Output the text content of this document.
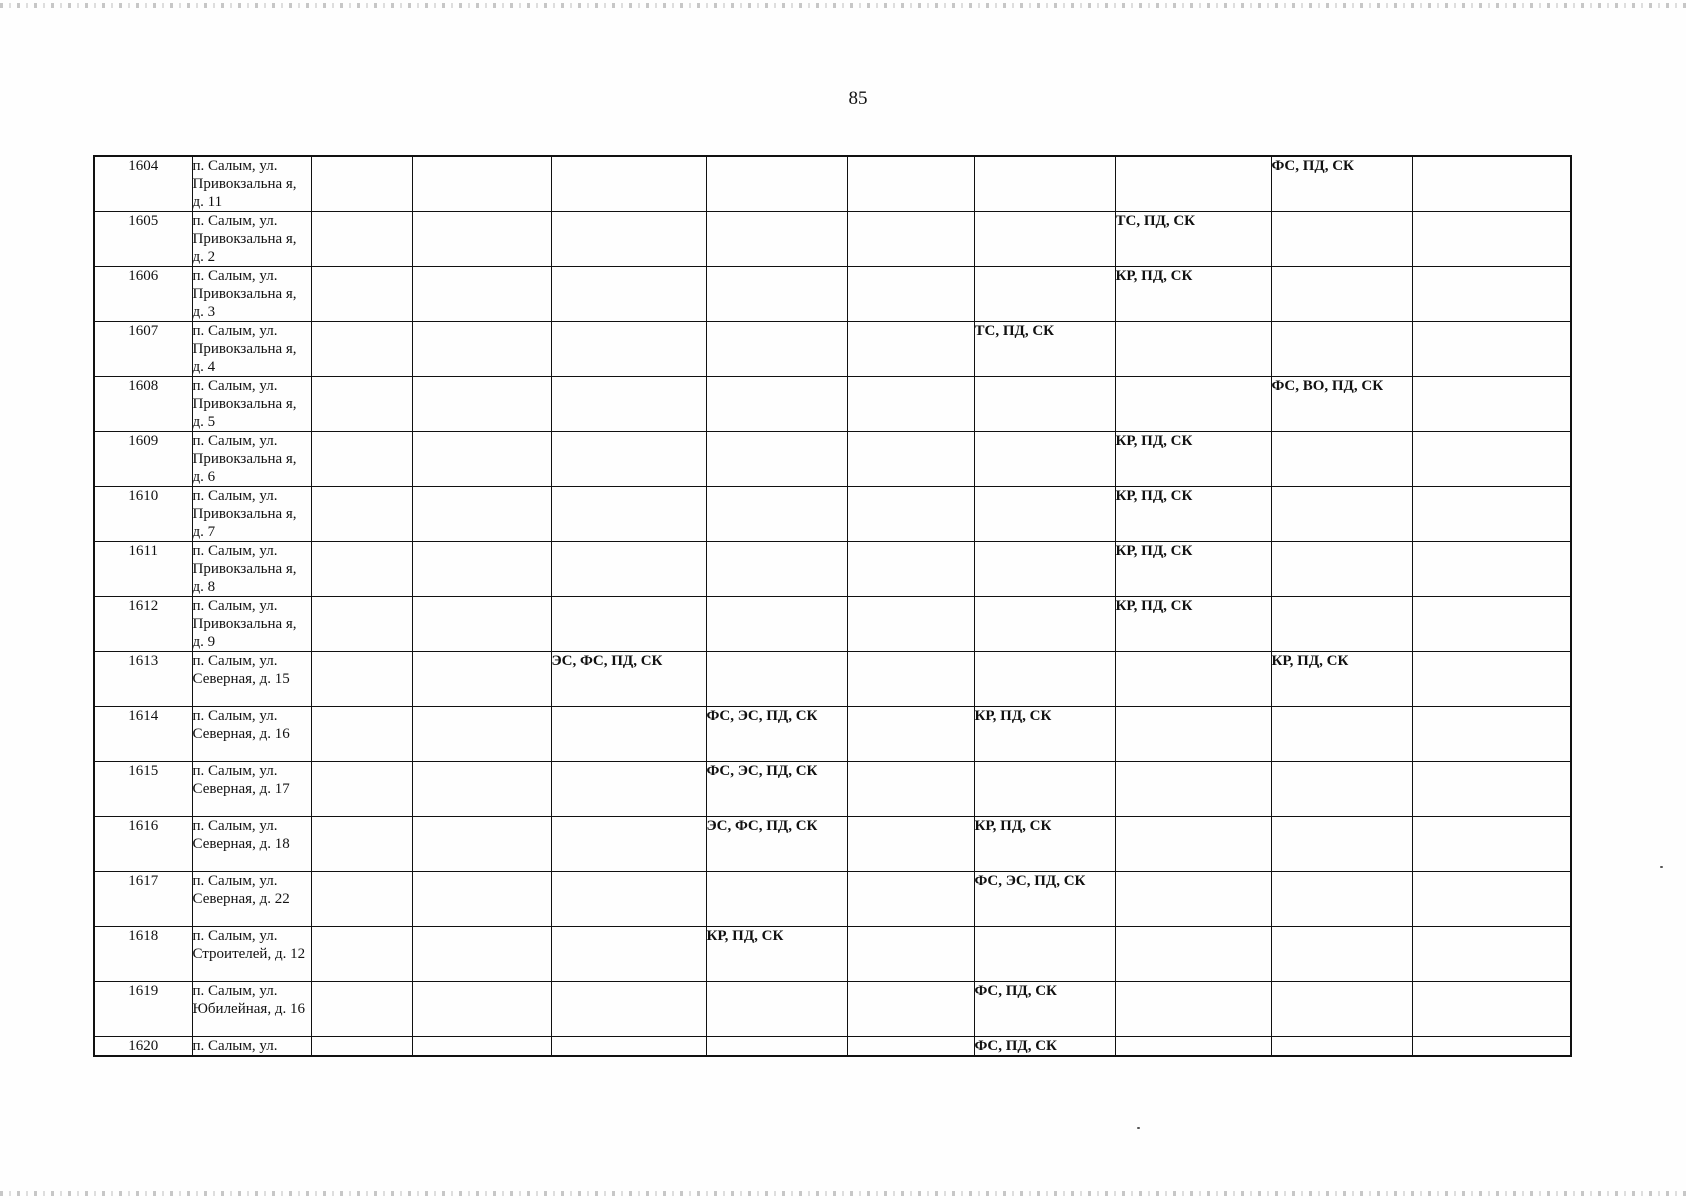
85
1604	п. Салым, ул. Привокзальна я, д. 11								ФС, ПД, СК	
1605	п. Салым, ул. Привокзальна я, д. 2							ТС, ПД, СК		
1606	п. Салым, ул. Привокзальна я, д. 3							КР, ПД, СК		
1607	п. Салым, ул. Привокзальна я, д. 4						ТС, ПД, СК			
1608	п. Салым, ул. Привокзальна я, д. 5								ФС, ВО, ПД, СК	
1609	п. Салым, ул. Привокзальна я, д. 6							КР, ПД, СК		
1610	п. Салым, ул. Привокзальна я, д. 7							КР, ПД, СК		
1611	п. Салым, ул. Привокзальна я, д. 8							КР, ПД, СК		
1612	п. Салым, ул. Привокзальна я, д. 9							КР, ПД, СК		
1613	п. Салым, ул. Северная, д. 15			ЭС, ФС, ПД, СК					КР, ПД, СК	
1614	п. Салым, ул. Северная, д. 16				ФС, ЭС, ПД, СК		КР, ПД, СК			
1615	п. Салым, ул. Северная, д. 17				ФС, ЭС, ПД, СК					
1616	п. Салым, ул. Северная, д. 18				ЭС, ФС, ПД, СК		КР, ПД, СК			
1617	п. Салым, ул. Северная, д. 22						ФС, ЭС, ПД, СК			
1618	п. Салым, ул. Строителей, д. 12				КР, ПД, СК					
1619	п. Салым, ул. Юбилейная, д. 16						ФС, ПД, СК			
1620	п. Салым, ул.						ФС, ПД, СК			
